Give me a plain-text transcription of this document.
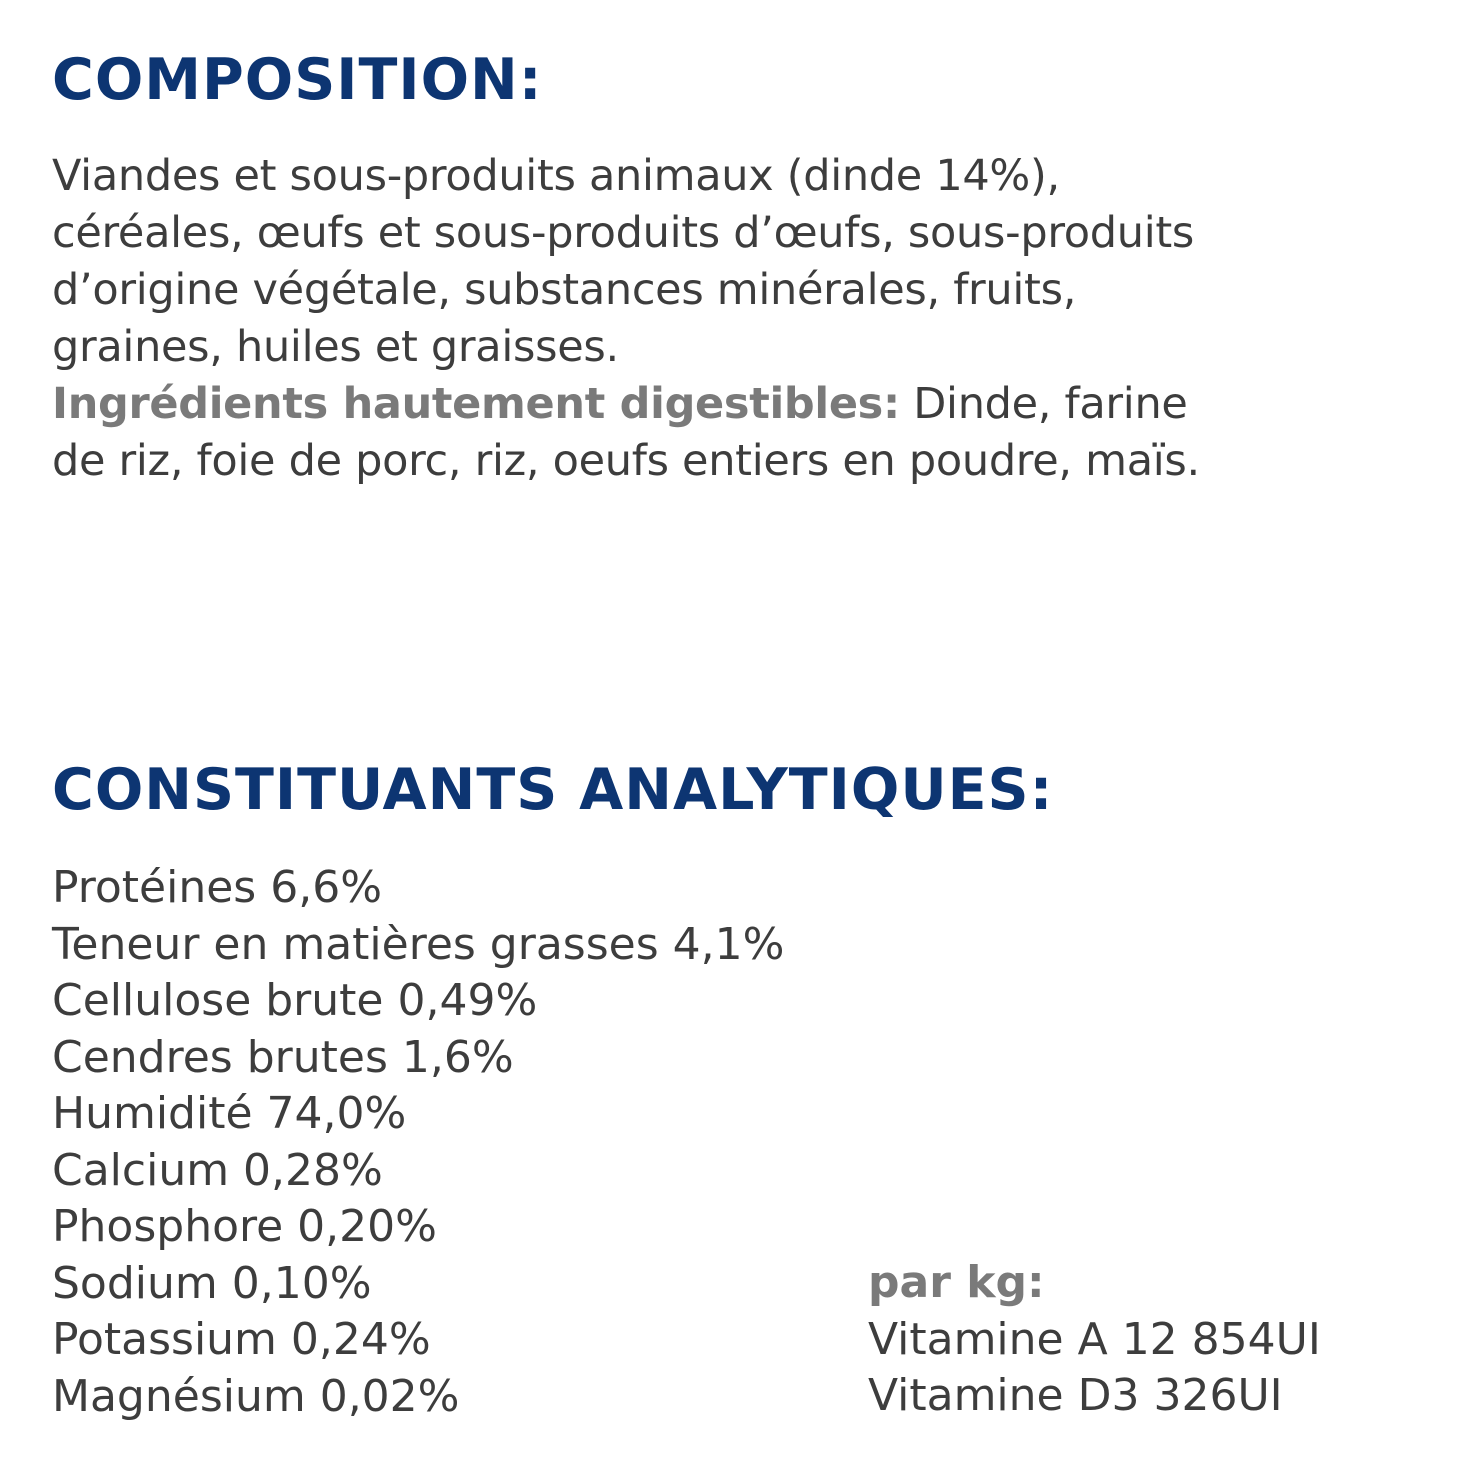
COMPOSITION:
Viandes et sous-produits animaux (dinde 14%),
céréales, œufs et sous-produits d’œufs, sous-produits
d’origine végétale, substances minérales, fruits,
graines, huiles et graisses.
Ingrédients hautement digestibles: Dinde, farine
de riz, foie de porc, riz, oeufs entiers en poudre, maïs.
CONSTITUANTS ANALYTIQUES:
Protéines 6,6%
Teneur en matières grasses 4,1%
Cellulose brute 0,49%
Cendres brutes 1,6%
Humidité 74,0%
Calcium 0,28%
Phosphore 0,20%
Sodium 0,10%
Potassium 0,24%
Magnésium 0,02%
par kg:
Vitamine A 12 854UI
Vitamine D3 326UI
